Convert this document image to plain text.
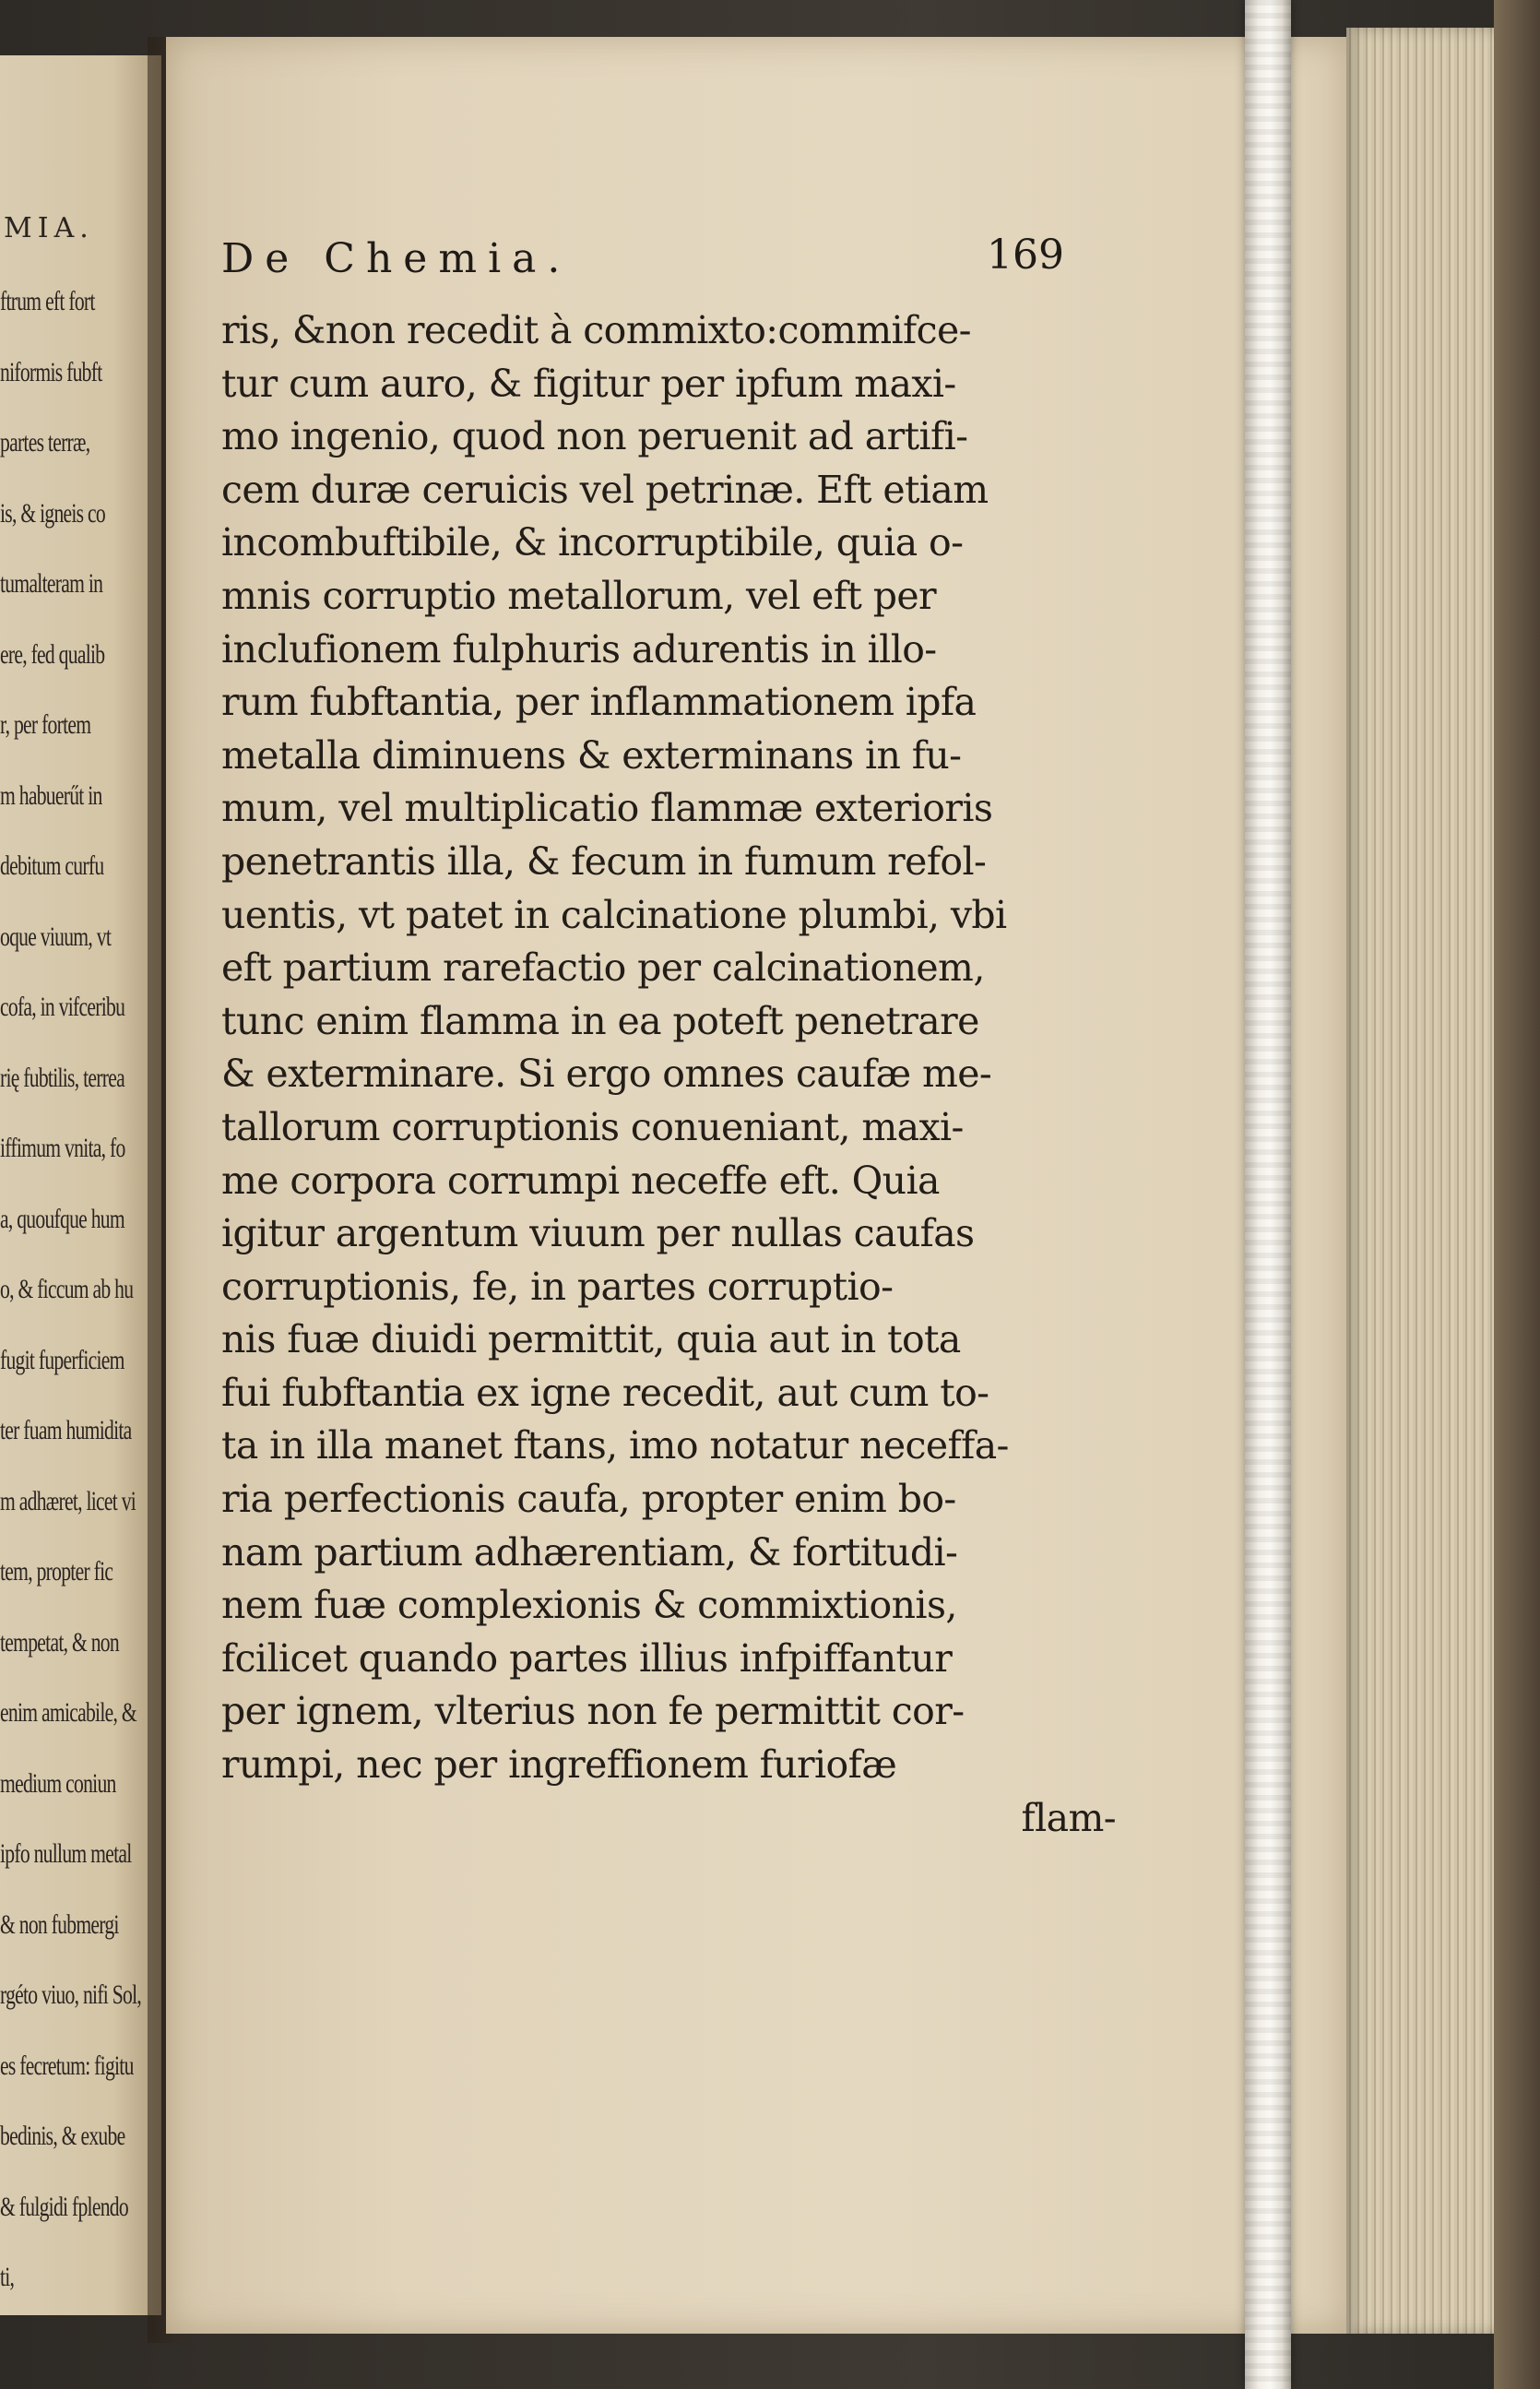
MIA.
ftrum eft fort
niformis fubft
partes terræ,
is, & igneis co
tumalteram in
ere, fed qualib
r, per fortem
m habuerűt in
debitum curfu
oque viuum, vt
cofa, in vifceribu
rię fubtilis, terrea
iffimum vnita, fo
a, quoufque hum
o, & ficcum ab hu
fugit fuperficiem
ter fuam humidita
m adhæret, licet vi
tem, propter fic
tempetat, & non
enim amicabile, &
medium coniun
ipfo nullum metal
& non fubmergi
rgéto viuo, nifi Sol,
es fecretum: figitu
bedinis, & exube
& fulgidi fplendo
ti,
De Chemia.	169
ris, &non recedit à commixto:commifce-
tur cum auro, & figitur per ipfum maxi-
mo ingenio, quod non peruenit ad artifi-
cem duræ ceruicis vel petrinæ. Eft etiam
incombuftibile, & incorruptibile, quia o-
mnis corruptio metallorum, vel eft per
inclufionem fulphuris adurentis in illo-
rum fubftantia, per inflammationem ipfa
metalla diminuens & exterminans in fu-
mum, vel multiplicatio flammæ exterioris
penetrantis illa, & fecum in fumum refol-
uentis, vt patet in calcinatione plumbi, vbi
eft partium rarefactio per calcinationem,
tunc enim flamma in ea poteft penetrare
& exterminare. Si ergo omnes caufæ me-
tallorum corruptionis conueniant, maxi-
me corpora corrumpi neceffe eft. Quia
igitur argentum viuum per nullas caufas
corruptionis, fe, in partes corruptio-
nis fuæ diuidi permittit, quia aut in tota
fui fubftantia ex igne recedit, aut cum to-
ta in illa manet ftans, imo notatur neceffa-
ria perfectionis caufa, propter enim bo-
nam partium adhærentiam, & fortitudi-
nem fuæ complexionis & commixtionis,
fcilicet quando partes illius infpiffantur
per ignem, vlterius non fe permittit cor-
rumpi, nec per ingreffionem furiofæ
flam-
